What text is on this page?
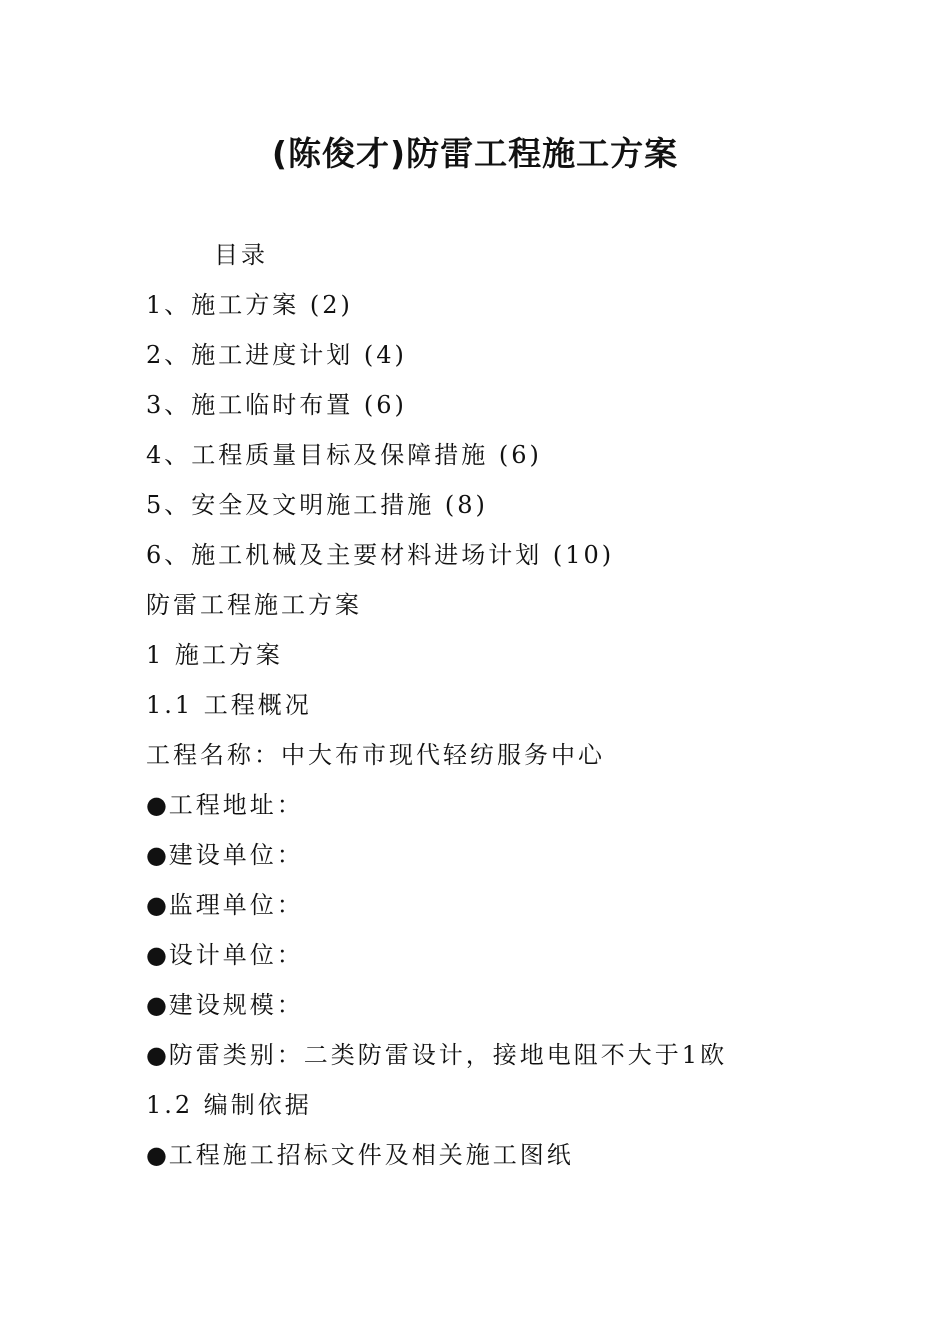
(陈俊才)防雷工程施工方案
目录
1、施工方案 (2)
2、施工进度计划 (4)
3、施工临时布置 (6)
4、工程质量目标及保障措施 (6)
5、安全及文明施工措施 (8)
6、施工机械及主要材料进场计划 (10)
防雷工程施工方案
1 施工方案
1.1 工程概况
工程名称：中大布市现代轻纺服务中心
●工程地址：
●建设单位：
●监理单位：
●设计单位：
●建设规模：
●防雷类别：二类防雷设计，接地电阻不大于1欧
1.2 编制依据
●工程施工招标文件及相关施工图纸
